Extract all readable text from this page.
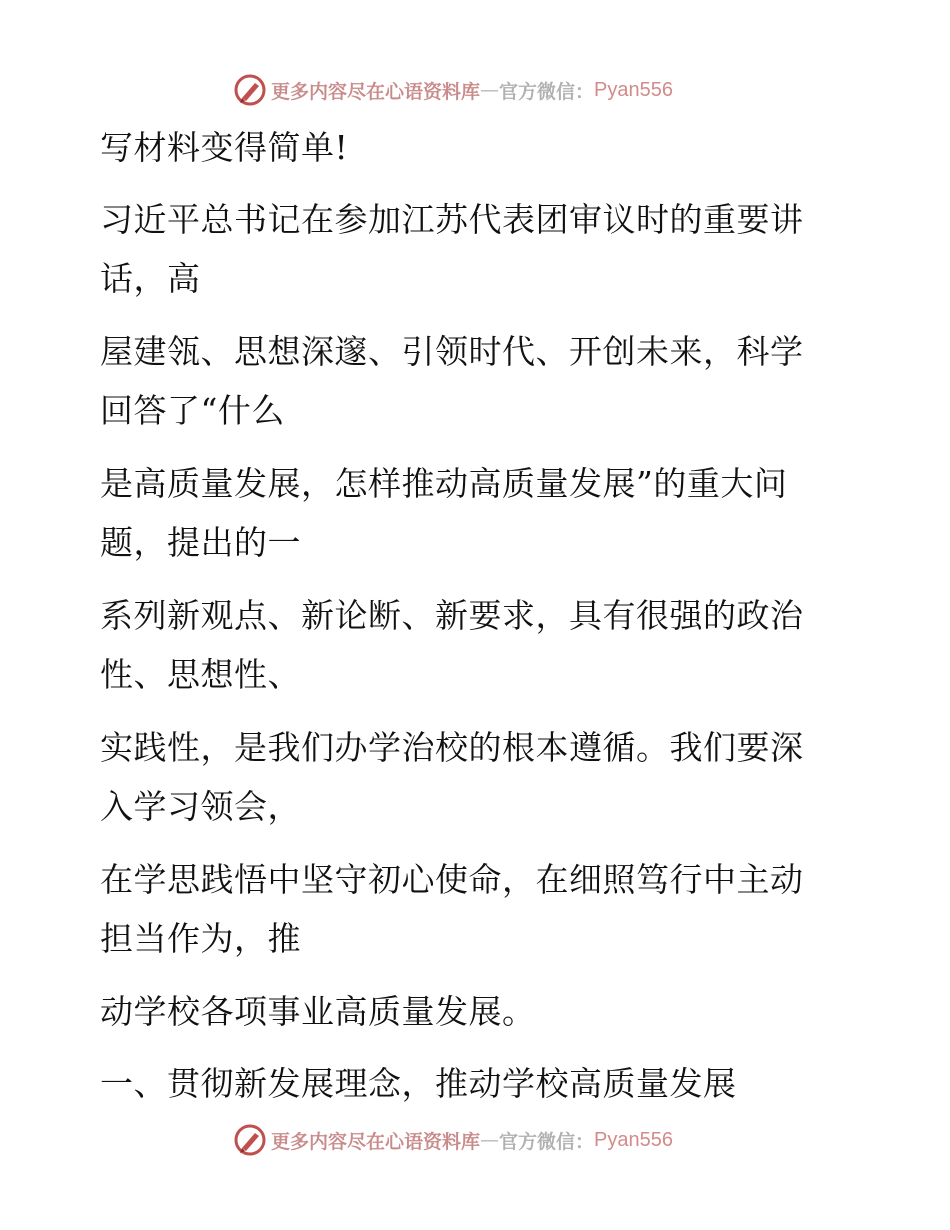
更多内容尽在心语资料库 — 官方微信： Pyan556
写材料变得简单!
习近平总书记在参加江苏代表团审议时的重要讲
话，高
屋建瓴、思想深邃、引领时代、开创未来，科学
回答了“什么
是高质量发展，怎样推动高质量发展”的重大问
题，提出的一
系列新观点、新论断、新要求，具有很强的政治
性、思想性、
实践性，是我们办学治校的根本遵循。我们要深
入学习领会，
在学思践悟中坚守初心使命，在细照笃行中主动
担当作为，推
动学校各项事业高质量发展。
一、贯彻新发展理念，推动学校高质量发展
更多内容尽在心语资料库 — 官方微信： Pyan556
